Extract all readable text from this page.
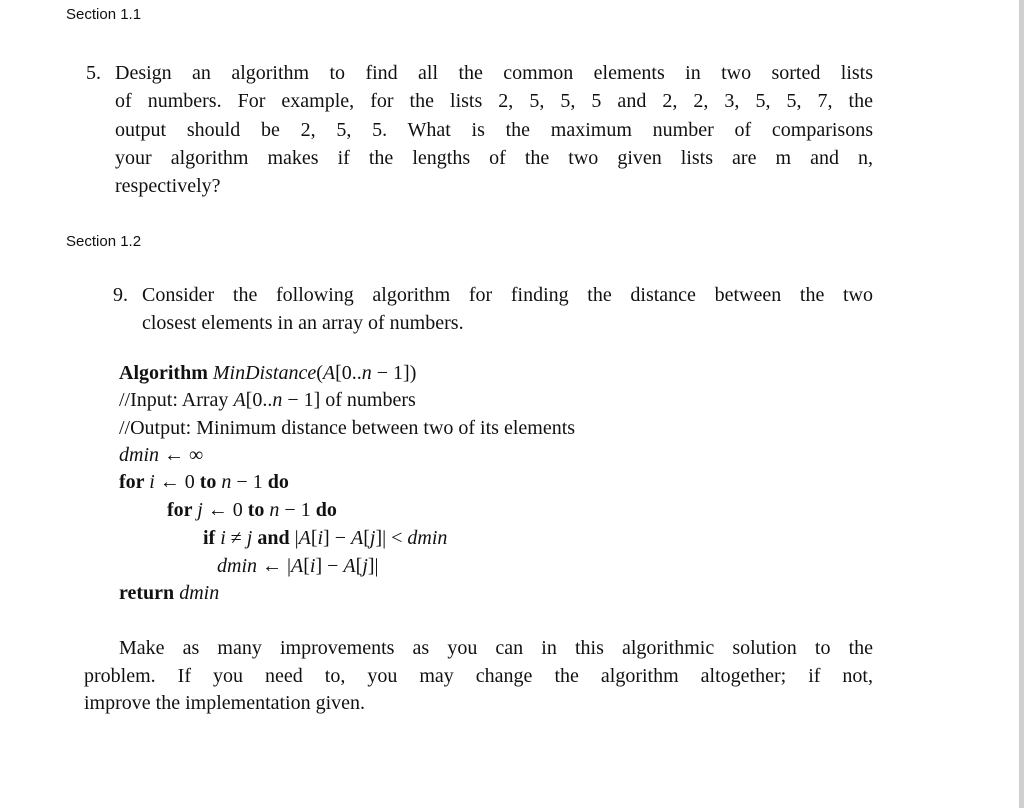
Section 1.1
5. Design an algorithm to find all the common elements in two sorted lists
of numbers. For example, for the lists 2, 5, 5, 5 and 2, 2, 3, 5, 5, 7, the
output should be 2, 5, 5. What is the maximum number of comparisons
your algorithm makes if the lengths of the two given lists are m and n,
respectively?
Section 1.2
9. Consider the following algorithm for finding the distance between the two
closest elements in an array of numbers.
Algorithm MinDistance(A[0..n − 1])
//Input: Array A[0..n − 1] of numbers
//Output: Minimum distance between two of its elements
dmin ← ∞
for i ← 0 to n − 1 do
for j ← 0 to n − 1 do
if i ≠ j and |A[i] − A[j]| < dmin
dmin ← |A[i] − A[j]|
return dmin
Make as many improvements as you can in this algorithmic solution to the
problem. If you need to, you may change the algorithm altogether; if not,
improve the implementation given.
